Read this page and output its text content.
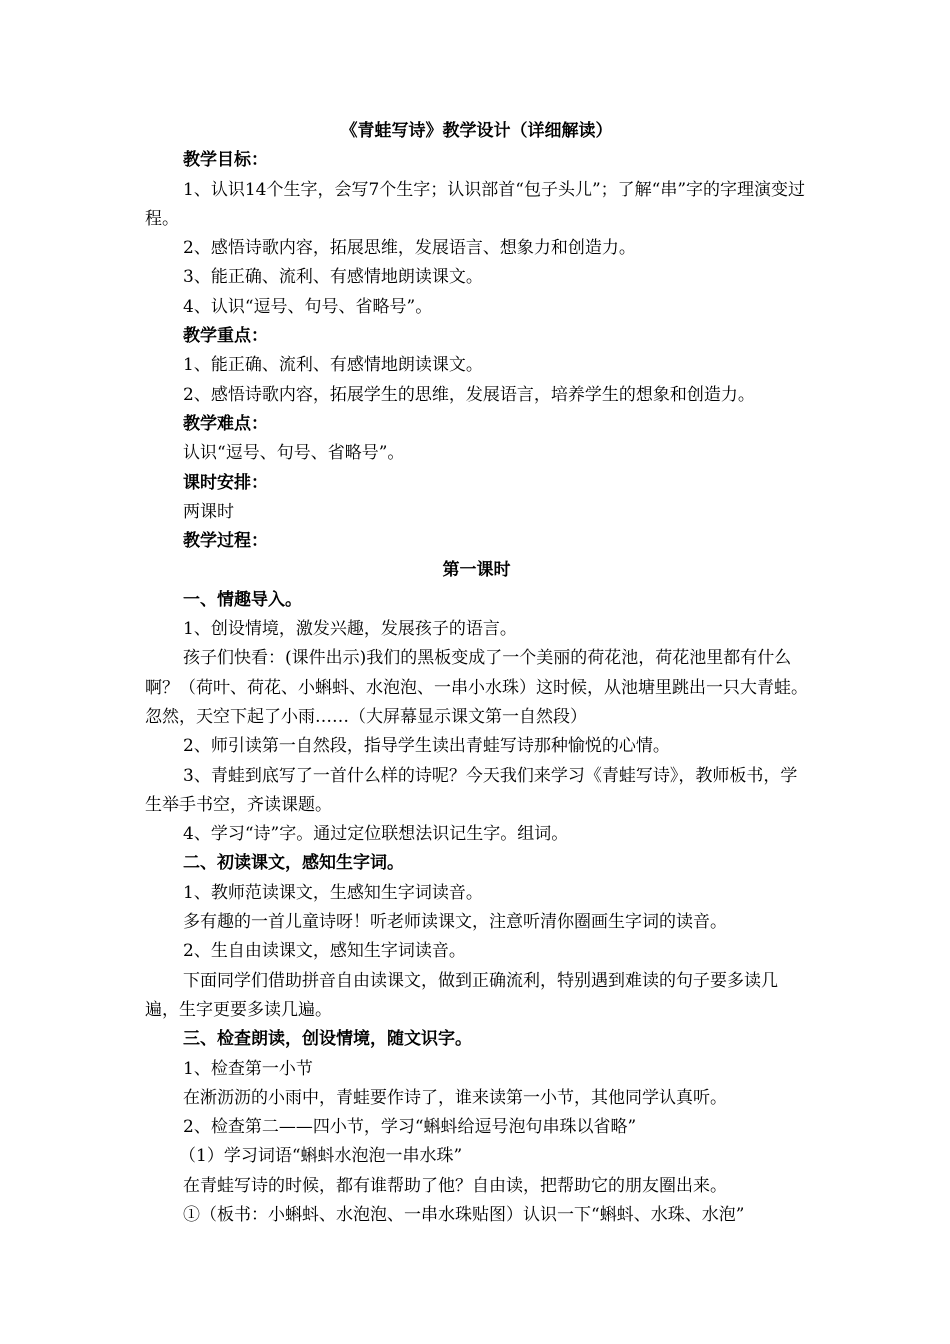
《青蛙写诗》教学设计（详细解读）
教学目标：
1、认识14个生字，会写7个生字；认识部首“包子头儿”；了解“串”字的字理演变过程。
2、感悟诗歌内容，拓展思维，发展语言、想象力和创造力。
3、能正确、流利、有感情地朗读课文。
4、认识“逗号、句号、省略号”。
教学重点：
1、能正确、流利、有感情地朗读课文。
2、感悟诗歌内容，拓展学生的思维，发展语言，培养学生的想象和创造力。
教学难点：
认识“逗号、句号、省略号”。
课时安排：
两课时
教学过程：
第一课时
一、情趣导入。
1、创设情境，激发兴趣，发展孩子的语言。
孩子们快看：(课件出示)我们的黑板变成了一个美丽的荷花池，荷花池里都有什么啊？（荷叶、荷花、小蝌蚪、水泡泡、一串小水珠）这时候，从池塘里跳出一只大青蛙。忽然，天空下起了小雨……（大屏幕显示课文第一自然段）
2、师引读第一自然段，指导学生读出青蛙写诗那种愉悦的心情。
3、青蛙到底写了一首什么样的诗呢？今天我们来学习《青蛙写诗》，教师板书，学生举手书空，齐读课题。
4、学习“诗”字。通过定位联想法识记生字。组词。
二、初读课文，感知生字词。
1、教师范读课文，生感知生字词读音。
多有趣的一首儿童诗呀！听老师读课文，注意听清你圈画生字词的读音。
2、生自由读课文，感知生字词读音。
下面同学们借助拼音自由读课文，做到正确流利，特别遇到难读的句子要多读几遍，生字更要多读几遍。
三、检查朗读，创设情境，随文识字。
1、检查第一小节
在淅沥沥的小雨中，青蛙要作诗了，谁来读第一小节，其他同学认真听。
2、检查第二——四小节，学习“蝌蚪给逗号泡句串珠以省略”
（1）学习词语“蝌蚪水泡泡一串水珠”
在青蛙写诗的时候，都有谁帮助了他？自由读，把帮助它的朋友圈出来。
①（板书：小蝌蚪、水泡泡、一串水珠贴图）认识一下“蝌蚪、水珠、水泡”
